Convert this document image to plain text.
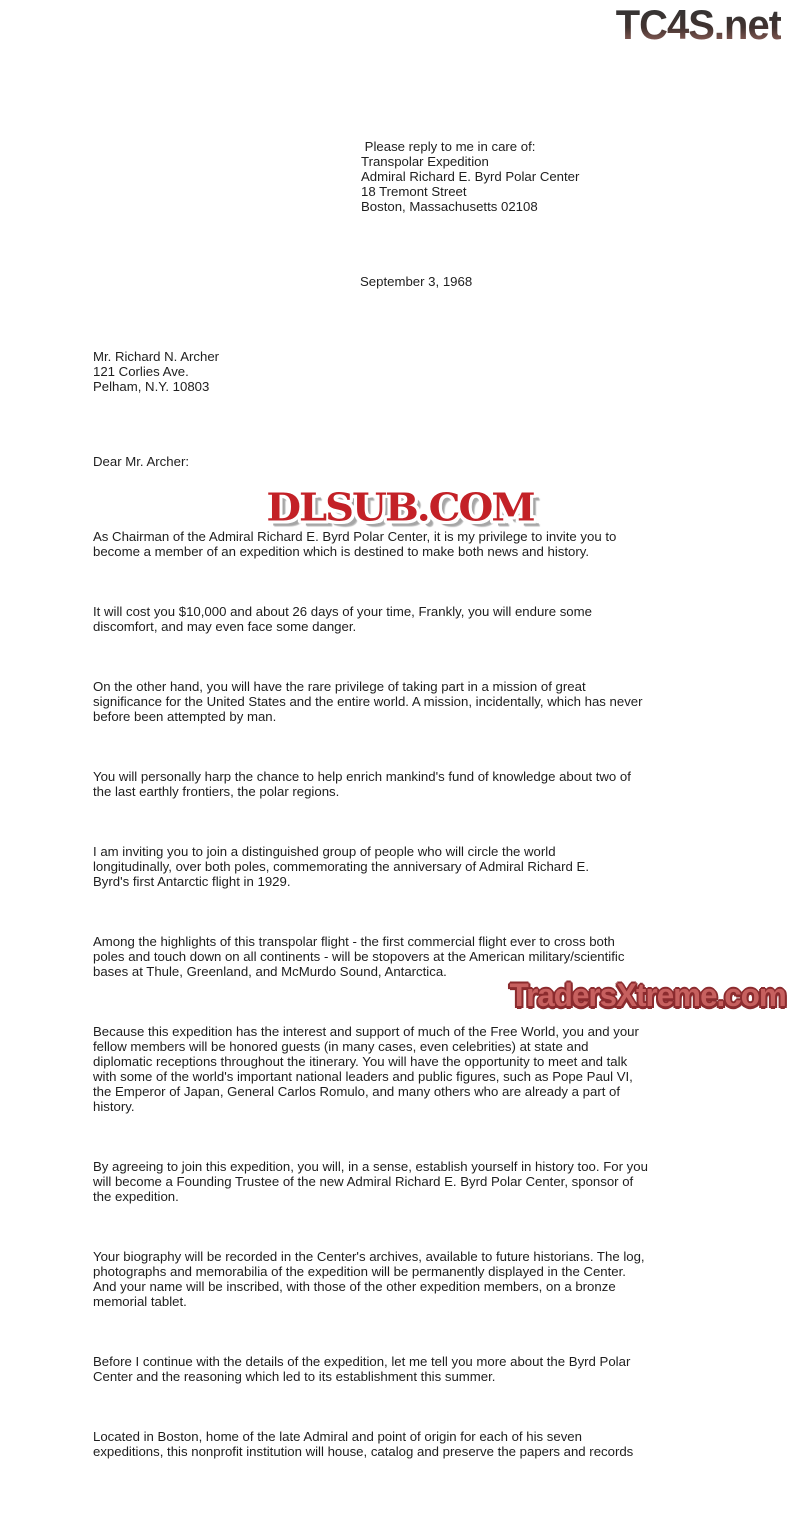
TC4S.net

Please reply to me in care of:
Transpolar Expedition
Admiral Richard E. Byrd Polar Center
18 Tremont Street
Boston, Massachusetts 02108

September 3, 1968

Mr. Richard N. Archer
121 Corlies Ave.
Pelham, N.Y. 10803

Dear Mr. Archer:

As Chairman of the Admiral Richard E. Byrd Polar Center, it is my privilege to invite you to
become a member of an expedition which is destined to make both news and history.

It will cost you $10,000 and about 26 days of your time, Frankly, you will endure some
discomfort, and may even face some danger.

On the other hand, you will have the rare privilege of taking part in a mission of great
significance for the United States and the entire world. A mission, incidentally, which has never
before been attempted by man.

You will personally harp the chance to help enrich mankind's fund of knowledge about two of
the last earthly frontiers, the polar regions.

I am inviting you to join a distinguished group of people who will circle the world
longitudinally, over both poles, commemorating the anniversary of Admiral Richard E.
Byrd's first Antarctic flight in 1929.

Among the highlights of this transpolar flight - the first commercial flight ever to cross both
poles and touch down on all continents - will be stopovers at the American military/scientific
bases at Thule, Greenland, and McMurdo Sound, Antarctica.

Because this expedition has the interest and support of much of the Free World, you and your
fellow members will be honored guests (in many cases, even celebrities) at state and
diplomatic receptions throughout the itinerary. You will have the opportunity to meet and talk
with some of the world's important national leaders and public figures, such as Pope Paul VI,
the Emperor of Japan, General Carlos Romulo, and many others who are already a part of
history.

By agreeing to join this expedition, you will, in a sense, establish yourself in history too. For you
will become a Founding Trustee of the new Admiral Richard E. Byrd Polar Center, sponsor of
the expedition.

Your biography will be recorded in the Center's archives, available to future historians. The log,
photographs and memorabilia of the expedition will be permanently displayed in the Center.
And your name will be inscribed, with those of the other expedition members, on a bronze
memorial tablet.

Before I continue with the details of the expedition, let me tell you more about the Byrd Polar
Center and the reasoning which led to its establishment this summer.

Located in Boston, home of the late Admiral and point of origin for each of his seven
expeditions, this nonprofit institution will house, catalog and preserve the papers and records

DLSUB.COM
TradersXtreme.com
